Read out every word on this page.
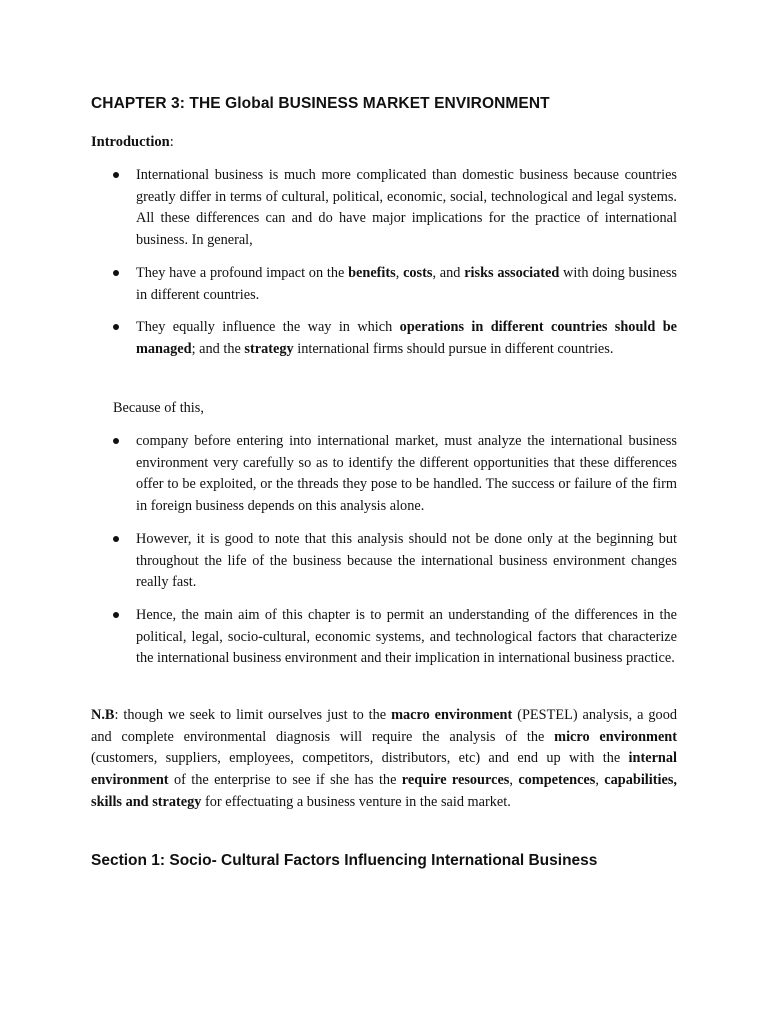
CHAPTER 3: THE Global BUSINESS MARKET ENVIRONMENT

Introduction:

International business is much more complicated than domestic business because countries greatly differ in terms of cultural, political, economic, social, technological and legal systems. All these differences can and do have major implications for the practice of international business. In general,
They have a profound impact on the benefits, costs, and risks associated with doing business in different countries.
They equally influence the way in which operations in different countries should be managed; and the strategy international firms should pursue in different countries.

Because of this,

company before entering into international market, must analyze the international business environment very carefully so as to identify the different opportunities that these differences offer to be exploited, or the threads they pose to be handled. The success or failure of the firm in foreign business depends on this analysis alone.
However, it is good to note that this analysis should not be done only at the beginning but throughout the life of the business because the international business environment changes really fast.
Hence, the main aim of this chapter is to permit an understanding of the differences in the political, legal, socio-cultural, economic systems, and technological factors that characterize the international business environment and their implication in international business practice.

N.B: though we seek to limit ourselves just to the macro environment (PESTEL) analysis, a good and complete environmental diagnosis will require the analysis of the micro environment (customers, suppliers, employees, competitors, distributors, etc) and end up with the internal environment of the enterprise to see if she has the require resources, competences, capabilities, skills and strategy for effectuating a business venture in the said market.

Section 1: Socio- Cultural Factors Influencing International Business
